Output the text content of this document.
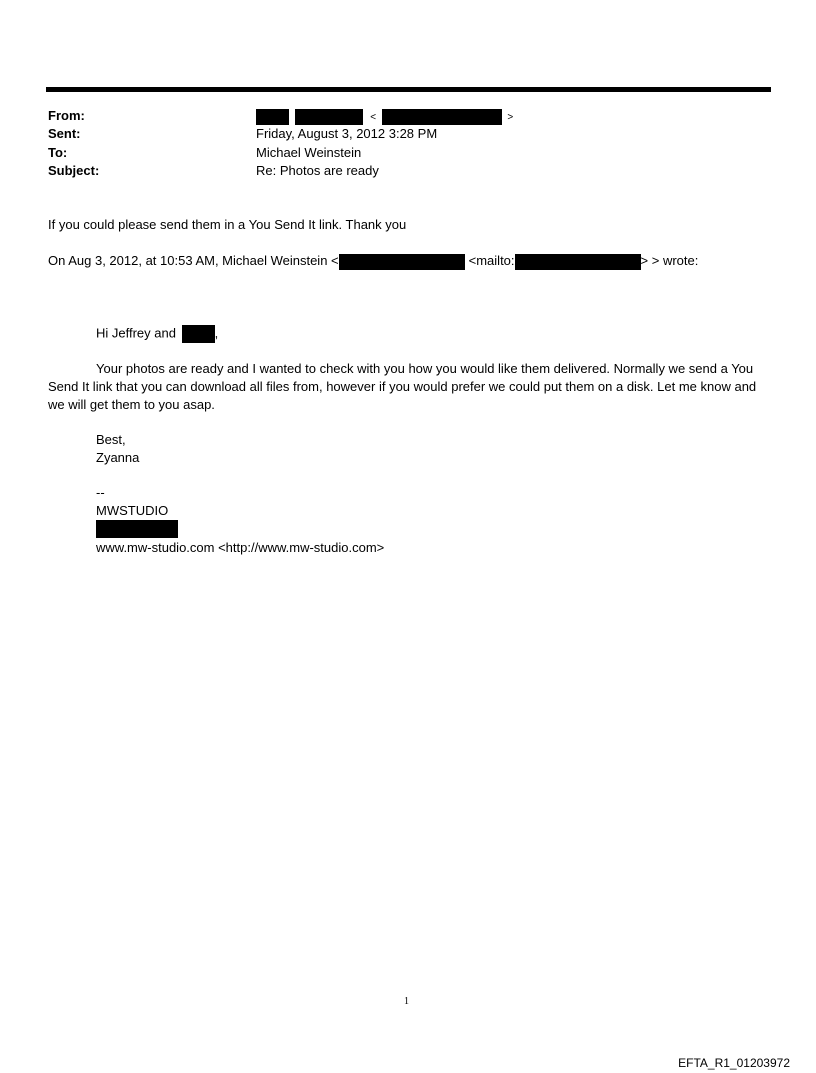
From:	<	>
Sent:	Friday, August 3, 2012 3:28 PM
To:	Michael Weinstein
Subject:	Re: Photos are ready
If you could please send them in a You Send It link. Thank you
On Aug 3, 2012, at 10:53 AM, Michael Weinstein <	<mailto:	> > wrote:
Hi Jeffrey and	,
Your photos are ready and I wanted to check with you how you would like them delivered. Normally we send a You Send It link that you can download all files from, however if you would prefer we could put them on a disk. Let me know and we will get them to you asap.
Best,
Zyanna
--
MWSTUDIO
www.mw-studio.com <http://www.mw-studio.com>
1
EFTA_R1_01203972
